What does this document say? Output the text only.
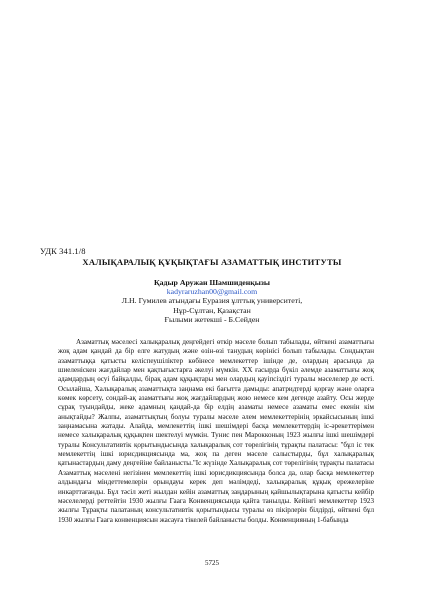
УДК 341.1/8
ХАЛЫҚАРАЛЫҚ ҚҰҚЫҚТАҒЫ АЗАМАТТЫҚ ИНСТИТУТЫ
Қадыр Аружан Шамшиденқызы
kadyraruzhan00@gmail.com
Л.Н. Гумилев атындағы Еуразия ұлттық университеті,
Нұр-Сұлтан, Қазақстан
Ғылыми жетекші - Б.Сейден

Азаматтық мәселесі халықаралық деңгейдегі өткір мәселе болып табылады, өйткені азаматтығы жоқ адам қандай да бір елге жатудың және өзін-өзі танудың көрінісі болып табылады. Сондықтан азаматтыққа қатысты келіспеушіліктер көбінесе мемлекеттер ішінде де, олардың арасында да шиеленіскен жағдайлар мен қақтығыстарға әкелуі мүмкін. ХХ ғасырда бүкіл әлемде азаматтығы жоқ адамдардың өсуі байқалды, бірақ адам құқықтары мен олардың қауіпсіздігі туралы мәселелер де өсті. Осылайша, Халықаралық азаматтықта заңнама екі бағытта дамыды: апатридтерді қорғау және оларға көмек көрсету, сондай-ақ азаматтығы жоқ жағдайлардың жою немесе кем дегенде азайту. Осы жерде сұрақ туындайды, жеке адамның қандай-да бір елдің азаматы немесе азаматы емес екенін кім анықтайды? Жалпы, азаматтықтың болуы туралы мәселе әлем мемлекеттерінің эркайсысының ішкі заңнамасына жатады. Алайда, мемлекеттің ішкі шешімдері басқа мемлекеттердің іс-әрекеттерімен немесе халықаралық құқықпен шектелуі мүмкін. Тунис пен Марокконың 1923 жылғы ішкі шешімдері туралы Консультативтік қорытындысында халықаралық сот төрелігінің тұрақты палатасы: "бұл іс тек мемлекеттің ішкі юрисдикциясында ма, жоқ па деген мәселе салыстырды, бұл халықаралық қатынастардың даму деңгейіне байланысты."Іс жүзінде Халықаралық сот төрелігінің тұрақты палатасы Азаматтық мәселені негізінен мемлекеттің ішкі юрисдикциясында болса да, олар басқа мемлекеттер алдындағы міндеттемелерін орындауы керек деп мәлімдеді, халықаралық құқық ережелеріне инкарттағанды. Бұл тәсіл жеті жылдан кейін азаматтық заңдарының қайшылықтарына қатысты кейбір мәселелерді реттейтін 1930 жылғы Гаага Конвенциясында қайта танылды. Кейінгі мемлекеттер 1923 жылғы Тұрақты палатаның консультативтік қорытындысы туралы өз пікірлерін білдірді, өйткені бұл 1930 жылғы Гаага конвенциясын жасауға тікелей байланысты болды. Конвенцияның 1-бабында

5725
